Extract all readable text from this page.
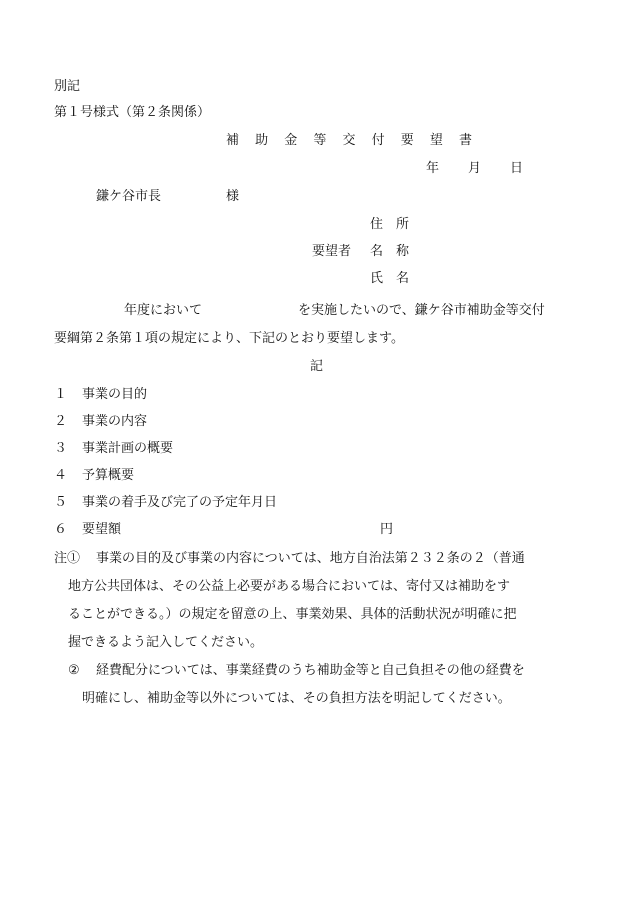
別記
第１号様式（第２条関係）
補 助 金 等 交 付 要 望 書
年 月 日
鎌ケ谷市長	様
住　所
要望者 名　称
氏　名
年度において	を実施したいので、鎌ケ谷市補助金等交付
要綱第２条第１項の規定により、下記のとおり要望します。
記
１ 事業の目的
２ 事業の内容
３ 事業計画の概要
４ 予算概要
５ 事業の着手及び完了の予定年月日
６ 要望額	円
注① 事業の目的及び事業の内容については、地方自治法第２３２条の２（普通
地方公共団体は、その公益上必要がある場合においては、寄付又は補助をす
ることができる。）の規定を留意の上、事業効果、具体的活動状況が明確に把
握できるよう記入してください。
② 経費配分については、事業経費のうち補助金等と自己負担その他の経費を
明確にし、補助金等以外については、その負担方法を明記してください。
